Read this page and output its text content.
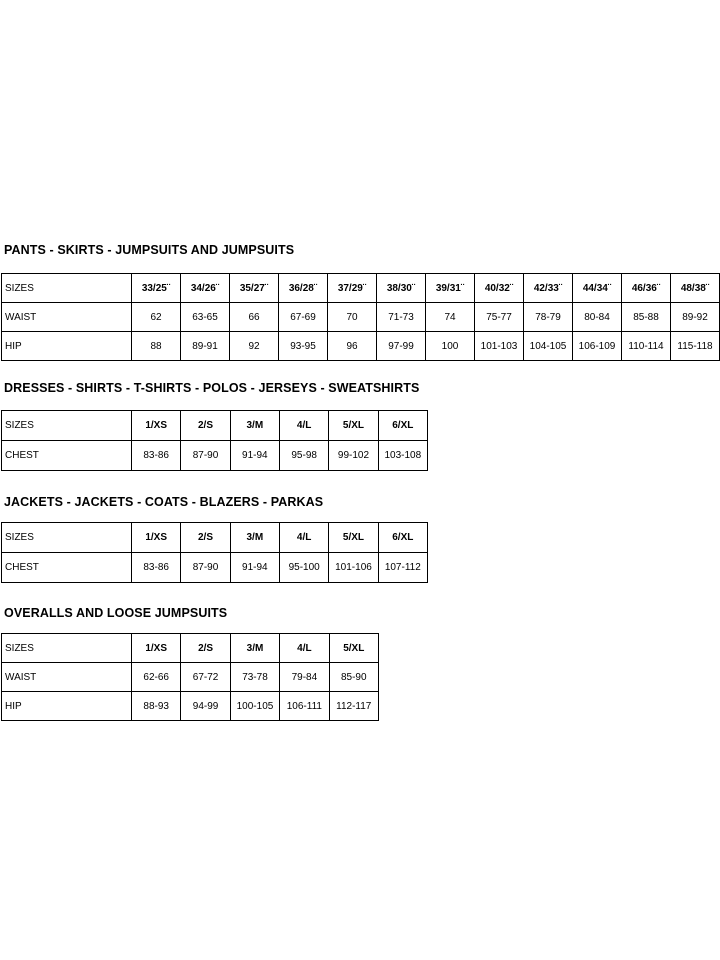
PANTS - SKIRTS - JUMPSUITS AND JUMPSUITS
SIZES	33/25¨	34/26¨	35/27¨	36/28¨	37/29¨	38/30¨	39/31¨	40/32¨	42/33¨	44/34¨	46/36¨	48/38¨
WAIST	62	63-65	66	67-69	70	71-73	74	75-77	78-79	80-84	85-88	89-92
HIP	88	89-91	92	93-95	96	97-99	100	101-103	104-105	106-109	110-114	115-118
DRESSES - SHIRTS - T-SHIRTS - POLOS - JERSEYS - SWEATSHIRTS
SIZES	1/XS	2/S	3/M	4/L	5/XL	6/XL
CHEST	83-86	87-90	91-94	95-98	99-102	103-108
JACKETS - JACKETS - COATS - BLAZERS - PARKAS
SIZES	1/XS	2/S	3/M	4/L	5/XL	6/XL
CHEST	83-86	87-90	91-94	95-100	101-106	107-112
OVERALLS AND LOOSE JUMPSUITS
SIZES	1/XS	2/S	3/M	4/L	5/XL
WAIST	62-66	67-72	73-78	79-84	85-90
HIP	88-93	94-99	100-105	106-111	112-117
